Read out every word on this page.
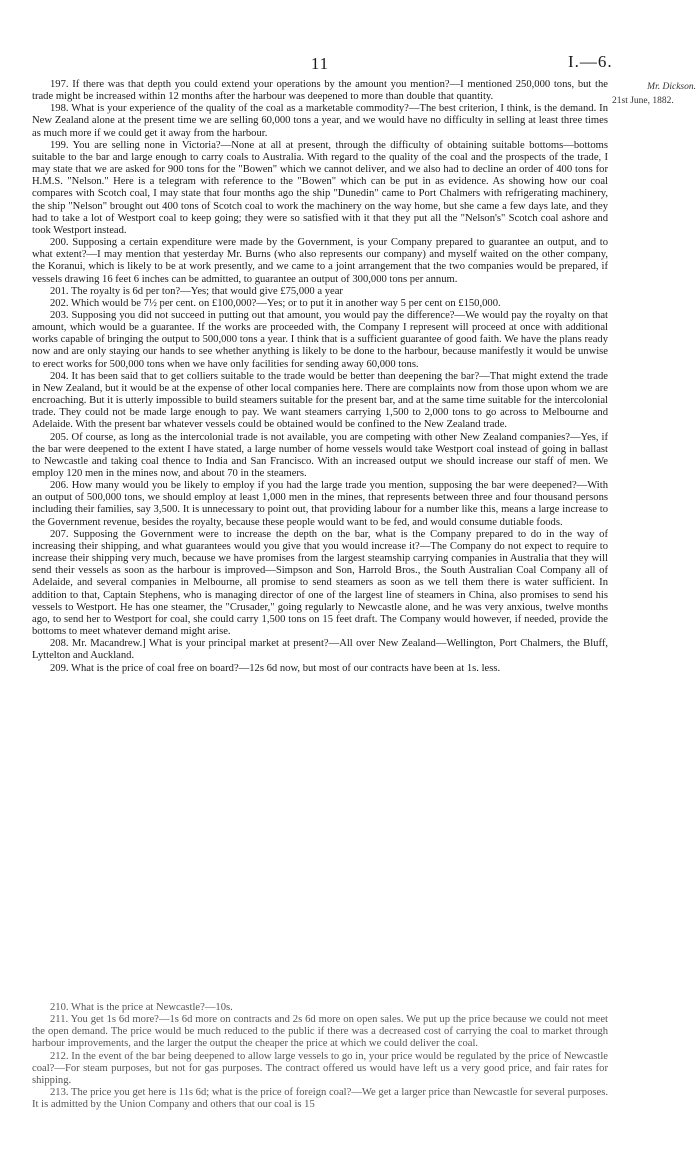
11	I.—6.
Mr. Dickson.
21st June, 1882.

197. If there was that depth you could extend your operations by the amount you mention?—I mentioned 250,000 tons, but the trade might be increased within 12 months after the harbour was deepened to more than double that quantity.

198. What is your experience of the quality of the coal as a marketable commodity?—The best criterion, I think, is the demand. In New Zealand alone at the present time we are selling 60,000 tons a year, and we would have no difficulty in selling at least three times as much more if we could get it away from the harbour.

199. You are selling none in Victoria?—None at all at present, through the difficulty of obtaining suitable bottoms—bottoms suitable to the bar and large enough to carry coals to Australia. With regard to the quality of the coal and the prospects of the trade, I may state that we are asked for 900 tons for the "Bowen" which we cannot deliver, and we also had to decline an order of 400 tons for H.M.S. "Nelson." Here is a telegram with reference to the "Bowen" which can be put in as evidence. As showing how our coal compares with Scotch coal, I may state that four months ago the ship "Dunedin" came to Port Chalmers with refrigerating machinery, the ship "Nelson" brought out 400 tons of Scotch coal to work the machinery on the way home, but she came a few days late, and they had to take a lot of Westport coal to keep going; they were so satisfied with it that they put all the "Nelson's" Scotch coal ashore and took Westport instead.

200. Supposing a certain expenditure were made by the Government, is your Company prepared to guarantee an output, and to what extent?—I may mention that yesterday Mr. Burns (who also represents our company) and myself waited on the other company, the Koranui, which is likely to be at work presently, and we came to a joint arrangement that the two companies would be prepared, if vessels drawing 16 feet 6 inches can be admitted, to guarantee an output of 300,000 tons per annum.

201. The royalty is 6d per ton?—Yes; that would give £75,000 a year

202. Which would be 7½ per cent. on £100,000?—Yes; or to put it in another way 5 per cent on £150,000.

203. Supposing you did not succeed in putting out that amount, you would pay the difference?—We would pay the royalty on that amount, which would be a guarantee. If the works are proceeded with, the Company I represent will proceed at once with additional works capable of bringing the output to 500,000 tons a year. I think that is a sufficient guarantee of good faith. We have the plans ready now and are only staying our hands to see whether anything is likely to be done to the harbour, because manifestly it would be unwise to erect works for 500,000 tons when we have only facilities for sending away 60,000 tons.

204. It has been said that to get colliers suitable to the trade would be better than deepening the bar?—That might extend the trade in New Zealand, but it would be at the expense of other local companies here. There are complaints now from those upon whom we are encroaching. But it is utterly impossible to build steamers suitable for the present bar, and at the same time suitable for the intercolonial trade. They could not be made large enough to pay. We want steamers carrying 1,500 to 2,000 tons to go across to Melbourne and Adelaide. With the present bar whatever vessels could be obtained would be confined to the New Zealand trade.

205. Of course, as long as the intercolonial trade is not available, you are competing with other New Zealand companies?—Yes, if the bar were deepened to the extent I have stated, a large number of home vessels would take Westport coal instead of going in ballast to Newcastle and taking coal thence to India and San Francisco. With an increased output we should increase our staff of men. We employ 120 men in the mines now, and about 70 in the steamers.

206. How many would you be likely to employ if you had the large trade you mention, supposing the bar were deepened?—With an output of 500,000 tons, we should employ at least 1,000 men in the mines, that represents between three and four thousand persons including their families, say 3,500. It is unnecessary to point out, that providing labour for a number like this, means a large increase to the Government revenue, besides the royalty, because these people would want to be fed, and would consume dutiable foods.

207. Supposing the Government were to increase the depth on the bar, what is the Company prepared to do in the way of increasing their shipping, and what guarantees would you give that you would increase it?—The Company do not expect to require to increase their shipping very much, because we have promises from the largest steamship carrying companies in Australia that they will send their vessels as soon as the harbour is improved—Simpson and Son, Harrold Bros., the South Australian Coal Company all of Adelaide, and several companies in Melbourne, all promise to send steamers as soon as we tell them there is water sufficient. In addition to that, Captain Stephens, who is managing director of one of the largest line of steamers in China, also promises to send his vessels to Westport. He has one steamer, the "Crusader," going regularly to Newcastle alone, and he was very anxious, twelve months ago, to send her to Westport for coal, she could carry 1,500 tons on 15 feet draft. The Company would however, if needed, provide the bottoms to meet whatever demand might arise.

208. Mr. Macandrew.] What is your principal market at present?—All over New Zealand—Wellington, Port Chalmers, the Bluff, Lyttelton and Auckland.

209. What is the price of coal free on board?—12s 6d now, but most of our contracts have been at 1s. less.

210. What is the price at Newcastle?—10s.

211. You get 1s 6d more?—1s 6d more on contracts and 2s 6d more on open sales. We put up the price because we could not meet the open demand. The price would be much reduced to the public if there was a decreased cost of carrying the coal to market through harbour improvements, and the larger the output the cheaper the price at which we could deliver the coal.

212. In the event of the bar being deepened to allow large vessels to go in, your price would be regulated by the price of Newcastle coal?—For steam purposes, but not for gas purposes. The contract offered us would have left us a very good price, and fair rates for shipping.

213. The price you get here is 11s 6d; what is the price of foreign coal?—We get a larger price than Newcastle for several purposes. It is admitted by the Union Company and others that our coal is 15
